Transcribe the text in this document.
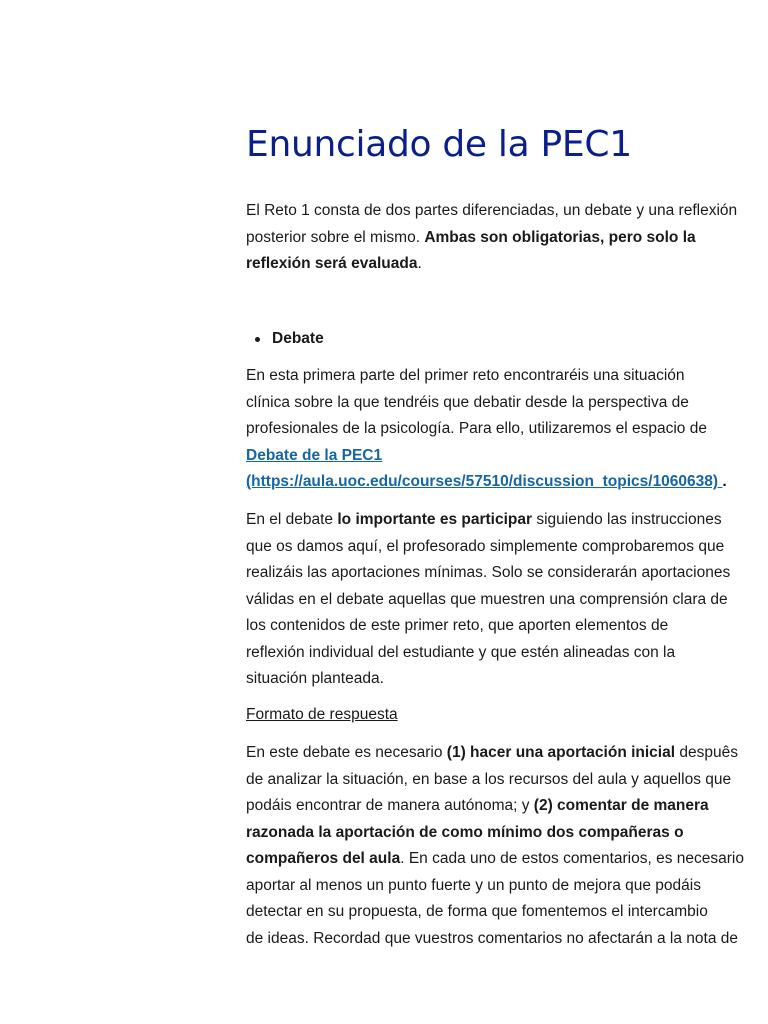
Enunciado de la PEC1
El Reto 1 consta de dos partes diferenciadas, un debate y una reflexión
posterior sobre el mismo. Ambas son obligatorias, pero solo la
reflexión será evaluada.
Debate
En esta primera parte del primer reto encontraréis una situación
clínica sobre la que tendréis que debatir desde la perspectiva de
profesionales de la psicología. Para ello, utilizaremos el espacio de
Debate de la PEC1
(https://aula.uoc.edu/courses/57510/discussion_topics/1060638) .
En el debate lo importante es participar siguiendo las instrucciones
que os damos aquí, el profesorado simplemente comprobaremos que
realizáis las aportaciones mínimas. Solo se considerarán aportaciones
válidas en el debate aquellas que muestren una comprensión clara de
los contenidos de este primer reto, que aporten elementos de
reflexión individual del estudiante y que estén alineadas con la
situación planteada.
Formato de respuesta
En este debate es necesario (1) hacer una aportación inicial despuês
de analizar la situación, en base a los recursos del aula y aquellos que
podáis encontrar de manera autónoma; y (2) comentar de manera
razonada la aportación de como mínimo dos compañeras o
compañeros del aula. En cada uno de estos comentarios, es necesario
aportar al menos un punto fuerte y un punto de mejora que podáis
detectar en su propuesta, de forma que fomentemos el intercambio
de ideas. Recordad que vuestros comentarios no afectarán a la nota de
